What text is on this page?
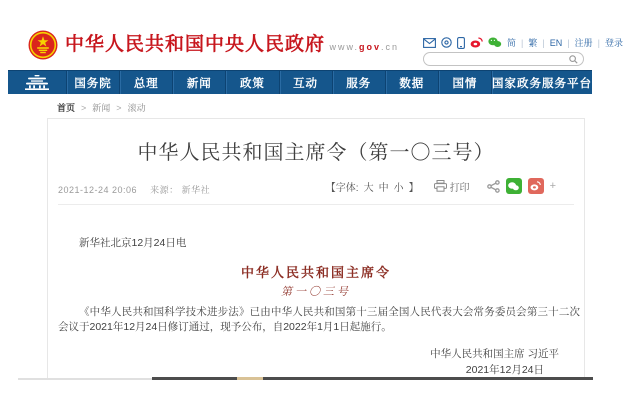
中华人民共和国中央人民政府 www.gov.cn	简 | 繁 | EN | 注册 | 登录
国务院	总理	新闻	政策	互动	服务	数据	国情	国家政务服务平台
首页 > 新闻 > 滚动
中华人民共和国主席令（第一〇三号）
2021-12-24 20:06 来源： 新华社	【字体: 大 中 小 】	打印	+
新华社北京12月24日电
中华人民共和国主席令
第一〇三号
《中华人民共和国科学技术进步法》已由中华人民共和国第十三届全国人民代表大会常务委员会第三十二次会议于2021年12月24日修订通过，现予公布，自2022年1月1日起施行。
中华人民共和国主席 习近平
2021年12月24日
